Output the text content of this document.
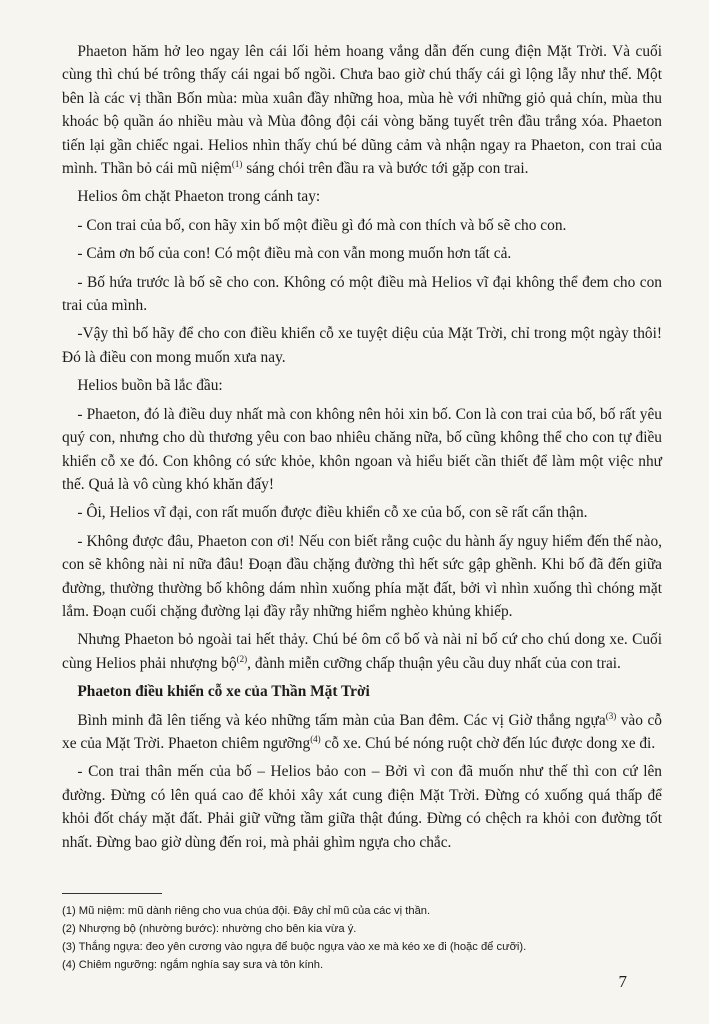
 Phaeton hăm hở leo ngay lên cái lối hẻm hoang vắng dẫn đến cung điện Mặt Trời. Và cuối cùng thì chú bé trông thấy cái ngai bố ngồi. Chưa bao giờ chú thấy cái gì lộng lẫy như thế. Một bên là các vị thần Bốn mùa: mùa xuân đầy những hoa, mùa hè với những giỏ quả chín, mùa thu khoác bộ quần áo nhiều màu và Mùa đông đội cái vòng băng tuyết trên đầu trắng xóa. Phaeton tiến lại gần chiếc ngai. Helios nhìn thấy chú bé dũng cảm và nhận ngay ra Phaeton, con trai của mình. Thần bỏ cái mũ niệm$^{(1)}$ sáng chói trên đầu ra và bước tới gặp con trai.

 Helios ôm chặt Phaeton trong cánh tay:

 - Con trai của bố, con hãy xin bố một điều gì đó mà con thích và bố sẽ cho con.

 - Cảm ơn bố của con! Có một điều mà con vẫn mong muốn hơn tất cả.

 - Bố hứa trước là bố sẽ cho con. Không có một điều mà Helios vĩ đại không thể đem cho con trai của mình.

 -Vậy thì bố hãy để cho con điều khiển cỗ xe tuyệt diệu của Mặt Trời, chỉ trong một ngày thôi! Đó là điều con mong muốn xưa nay.

 Helios buồn bã lắc đầu:

 - Phaeton, đó là điều duy nhất mà con không nên hỏi xin bố. Con là con trai của bố, bố rất yêu quý con, nhưng cho dù thương yêu con bao nhiêu chăng nữa, bố cũng không thể cho con tự điều khiển cỗ xe đó. Con không có sức khỏe, khôn ngoan và hiểu biết cần thiết để làm một việc như thế. Quả là vô cùng khó khăn đấy!

 - Ôi, Helios vĩ đại, con rất muốn được điều khiển cỗ xe của bố, con sẽ rất cẩn thận.

 - Không được đâu, Phaeton con ơi! Nếu con biết rằng cuộc du hành ấy nguy hiểm đến thế nào, con sẽ không nài nỉ nữa đâu! Đoạn đầu chặng đường thì hết sức gập ghềnh. Khi bố đã đến giữa đường, thường thường bố không dám nhìn xuống phía mặt đất, bởi vì nhìn xuống thì chóng mặt lắm. Đoạn cuối chặng đường lại đầy rẫy những hiểm nghèo khủng khiếp.

 Nhưng Phaeton bỏ ngoài tai hết thảy. Chú bé ôm cổ bố và nài nỉ bố cứ cho chú dong xe. Cuối cùng Helios phải nhượng bộ$^{(2)}$, đành miễn cưỡng chấp thuận yêu cầu duy nhất của con trai.

 Phaeton điều khiển cỗ xe của Thần Mặt Trời

 Bình minh đã lên tiếng và kéo những tấm màn của Ban đêm. Các vị Giờ thắng ngựa$^{(3)}$ vào cỗ xe của Mặt Trời. Phaeton chiêm ngưỡng$^{(4)}$ cỗ xe. Chú bé nóng ruột chờ đến lúc được dong xe đi.

 - Con trai thân mến của bố – Helios bảo con – Bởi vì con đã muốn như thế thì con cứ lên đường. Đừng có lên quá cao để khỏi xây xát cung điện Mặt Trời. Đừng có xuống quá thấp để khỏi đốt cháy mặt đất. Phải giữ vững tầm giữa thật đúng. Đừng có chệch ra khỏi con đường tốt nhất. Đừng bao giờ dùng đến roi, mà phải ghìm ngựa cho chắc.

(1) Mũ niệm: mũ dành riêng cho vua chúa đội. Đây chỉ mũ của các vị thần.
(2) Nhượng bộ (nhường bước): nhường cho bên kia vừa ý.
(3) Thắng ngựa: đeo yên cương vào ngựa để buộc ngựa vào xe mà kéo xe đi (hoặc để cưỡi).
(4) Chiêm ngưỡng: ngắm nghía say sưa và tôn kính.
7
